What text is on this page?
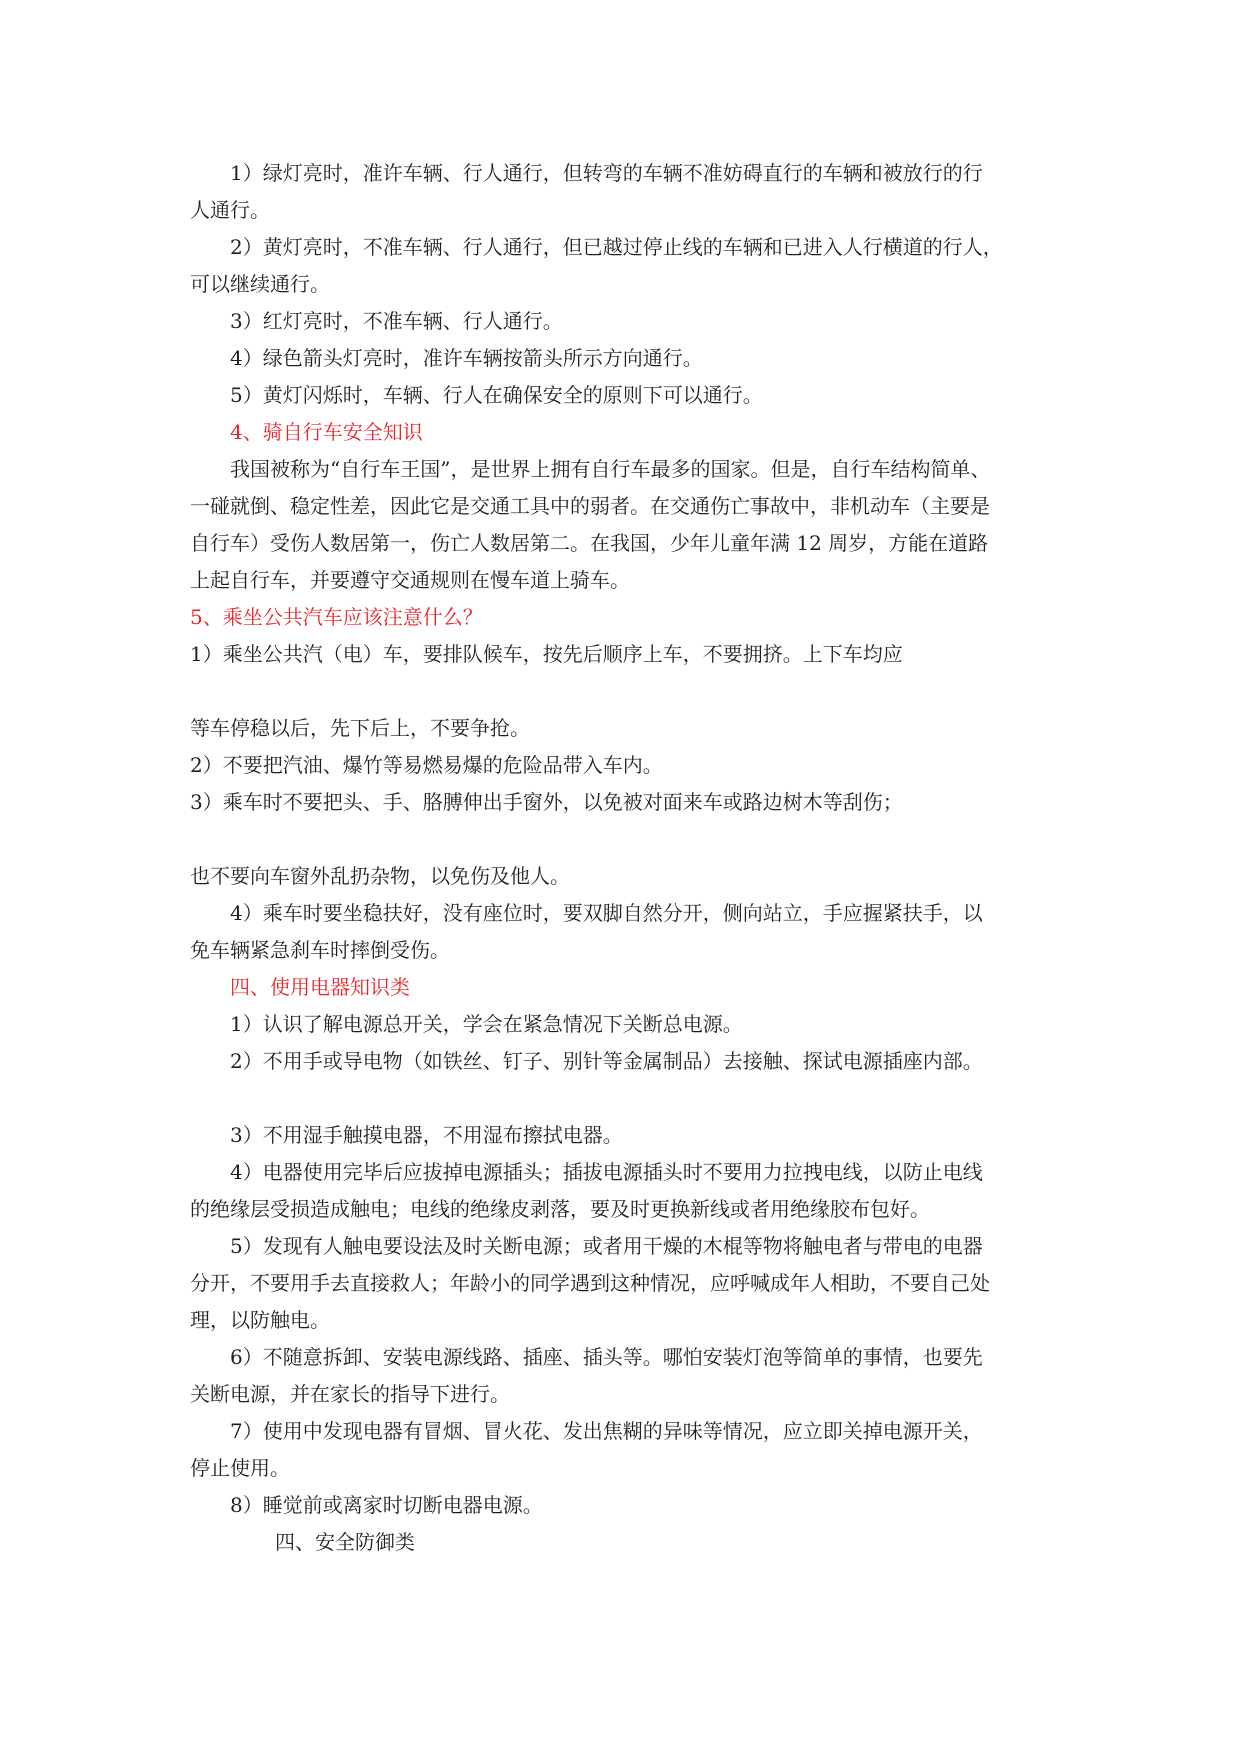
1）绿灯亮时，准许车辆、行人通行，但转弯的车辆不准妨碍直行的车辆和被放行的行
人通行。
2）黄灯亮时，不准车辆、行人通行，但已越过停止线的车辆和已进入人行横道的行人，
可以继续通行。
3）红灯亮时，不准车辆、行人通行。
4）绿色箭头灯亮时，准许车辆按箭头所示方向通行。
5）黄灯闪烁时，车辆、行人在确保安全的原则下可以通行。
4、骑自行车安全知识
我国被称为“自行车王国”，是世界上拥有自行车最多的国家。但是，自行车结构简单、
一碰就倒、稳定性差，因此它是交通工具中的弱者。在交通伤亡事故中，非机动车（主要是
自行车）受伤人数居第一，伤亡人数居第二。在我国，少年儿童年满 12 周岁，方能在道路
上起自行车，并要遵守交通规则在慢车道上骑车。
5、乘坐公共汽车应该注意什么？
1）乘坐公共汽（电）车，要排队候车，按先后顺序上车，不要拥挤。上下车均应
等车停稳以后，先下后上，不要争抢。
2）不要把汽油、爆竹等易燃易爆的危险品带入车内。
3）乘车时不要把头、手、胳膊伸出手窗外，以免被对面来车或路边树木等刮伤；
也不要向车窗外乱扔杂物，以免伤及他人。
4）乘车时要坐稳扶好，没有座位时，要双脚自然分开，侧向站立，手应握紧扶手，以
免车辆紧急刹车时摔倒受伤。
四、使用电器知识类
1）认识了解电源总开关，学会在紧急情况下关断总电源。
2）不用手或导电物（如铁丝、钉子、别针等金属制品）去接触、探试电源插座内部。
3）不用湿手触摸电器，不用湿布擦拭电器。
4）电器使用完毕后应拔掉电源插头；插拔电源插头时不要用力拉拽电线，以防止电线
的绝缘层受损造成触电；电线的绝缘皮剥落，要及时更换新线或者用绝缘胶布包好。
5）发现有人触电要设法及时关断电源；或者用干燥的木棍等物将触电者与带电的电器
分开，不要用手去直接救人；年龄小的同学遇到这种情况，应呼喊成年人相助，不要自己处
理，以防触电。
6）不随意拆卸、安装电源线路、插座、插头等。哪怕安装灯泡等简单的事情，也要先
关断电源，并在家长的指导下进行。
7）使用中发现电器有冒烟、冒火花、发出焦糊的异味等情况，应立即关掉电源开关，
停止使用。
8）睡觉前或离家时切断电器电源。
四、安全防御类
